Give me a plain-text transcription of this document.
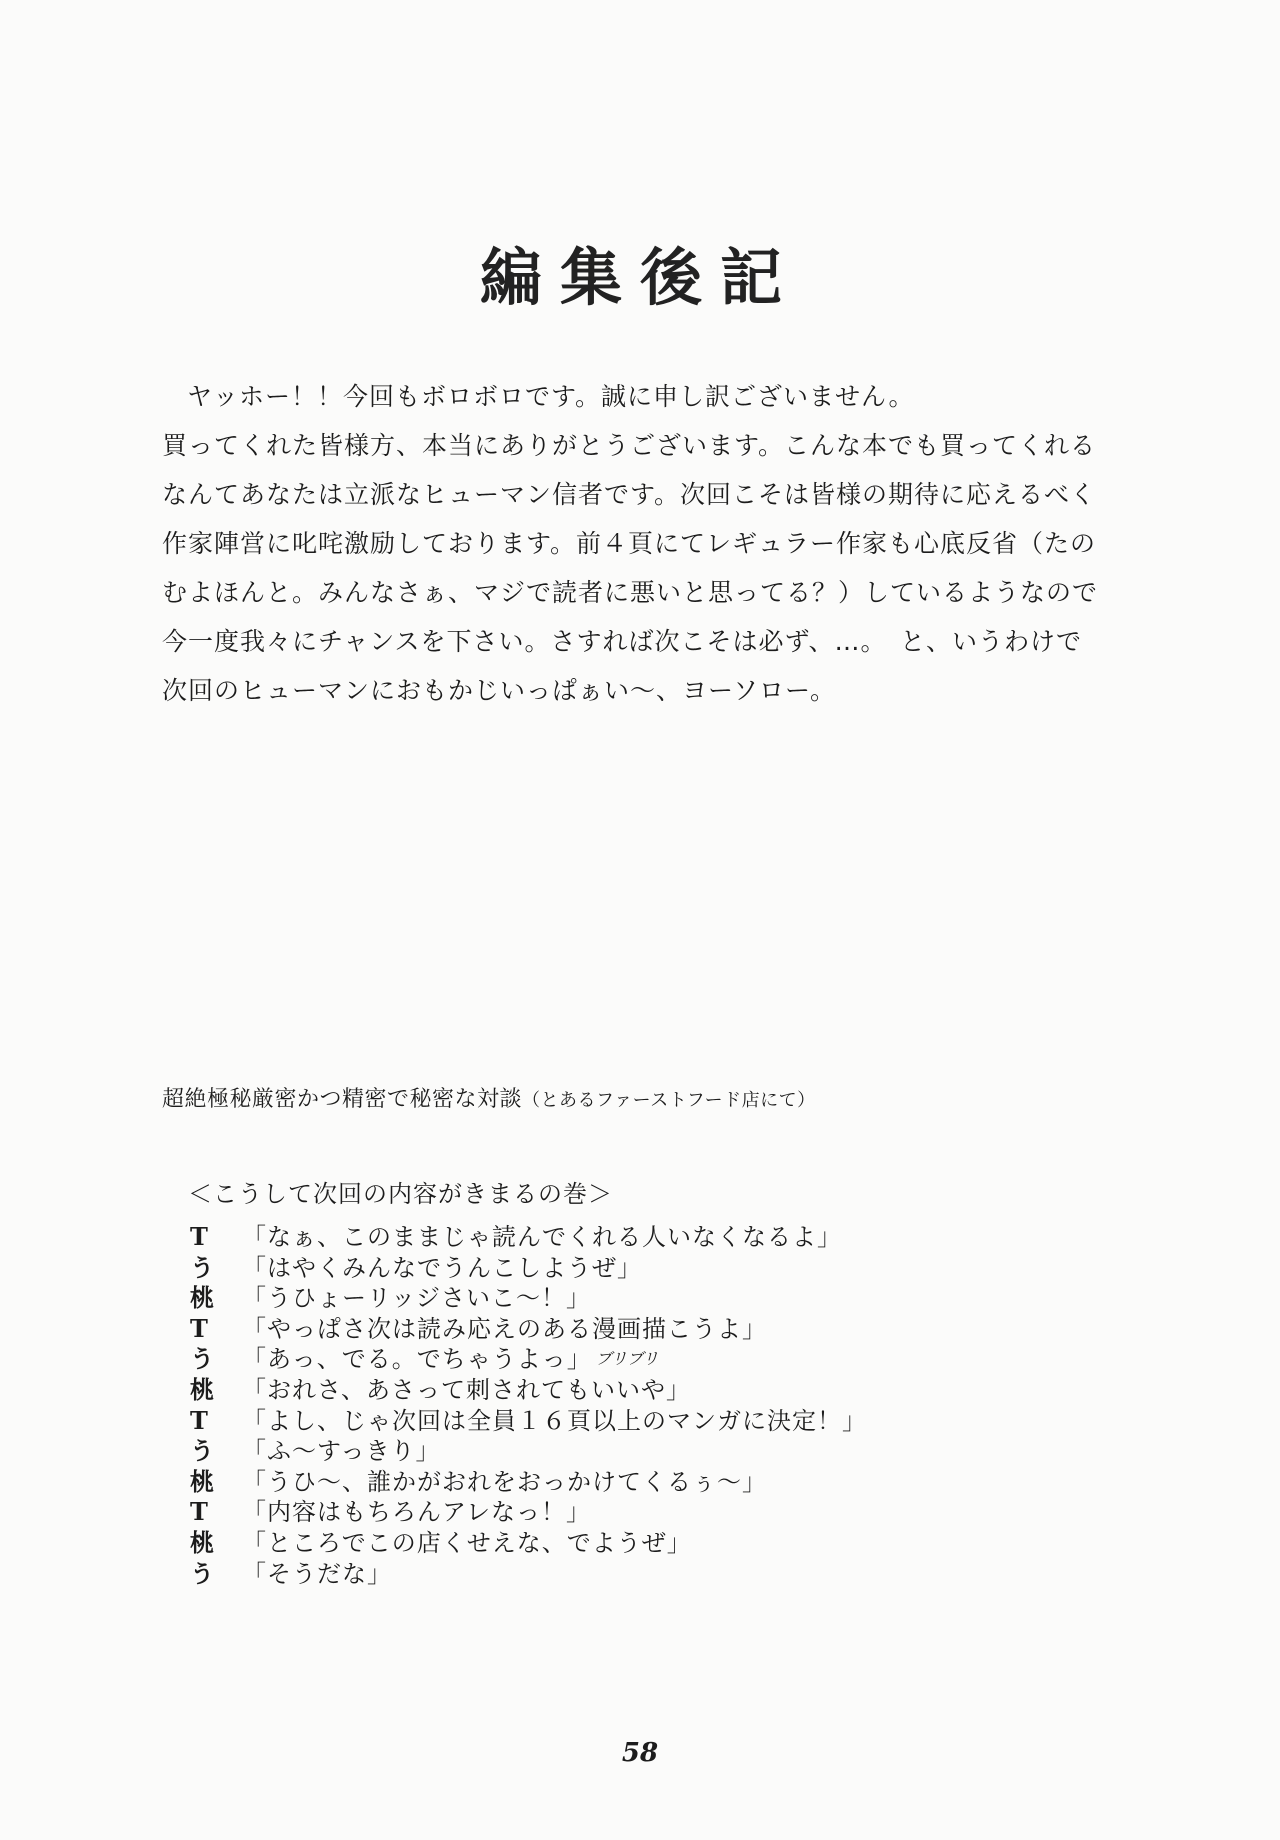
編集後記
ヤッホー！！今回もボロボロです。誠に申し訳ございません。
買ってくれた皆様方、本当にありがとうございます。こんな本でも買ってくれる
なんてあなたは立派なヒューマン信者です。次回こそは皆様の期待に応えるべく
作家陣営に叱咤激励しております。前４頁にてレギュラー作家も心底反省（たの
むよほんと。みんなさぁ、マジで読者に悪いと思ってる？）しているようなので
今一度我々にチャンスを下さい。さすれば次こそは必ず、…。　と、いうわけで
次回のヒューマンにおもかじいっぱぁい〜、ヨーソロー。
超絶極秘厳密かつ精密で秘密な対談（とあるファーストフード店にて）
＜こうして次回の内容がきまるの巻＞
T	「なぁ、このままじゃ読んでくれる人いなくなるよ」
う	「はやくみんなでうんこしようぜ」
桃	「うひょーリッジさいこ〜！」
T	「やっぱさ次は読み応えのある漫画描こうよ」
う	「あっ、でる。でちゃうよっ」 ブリブリ
桃	「おれさ、あさって刺されてもいいや」
T	「よし、じゃ次回は全員１６頁以上のマンガに決定！」
う	「ふ〜すっきり」
桃	「うひ〜、誰かがおれをおっかけてくるぅ〜」
T	「内容はもちろんアレなっ！」
桃	「ところでこの店くせえな、でようぜ」
う	「そうだな」
58
